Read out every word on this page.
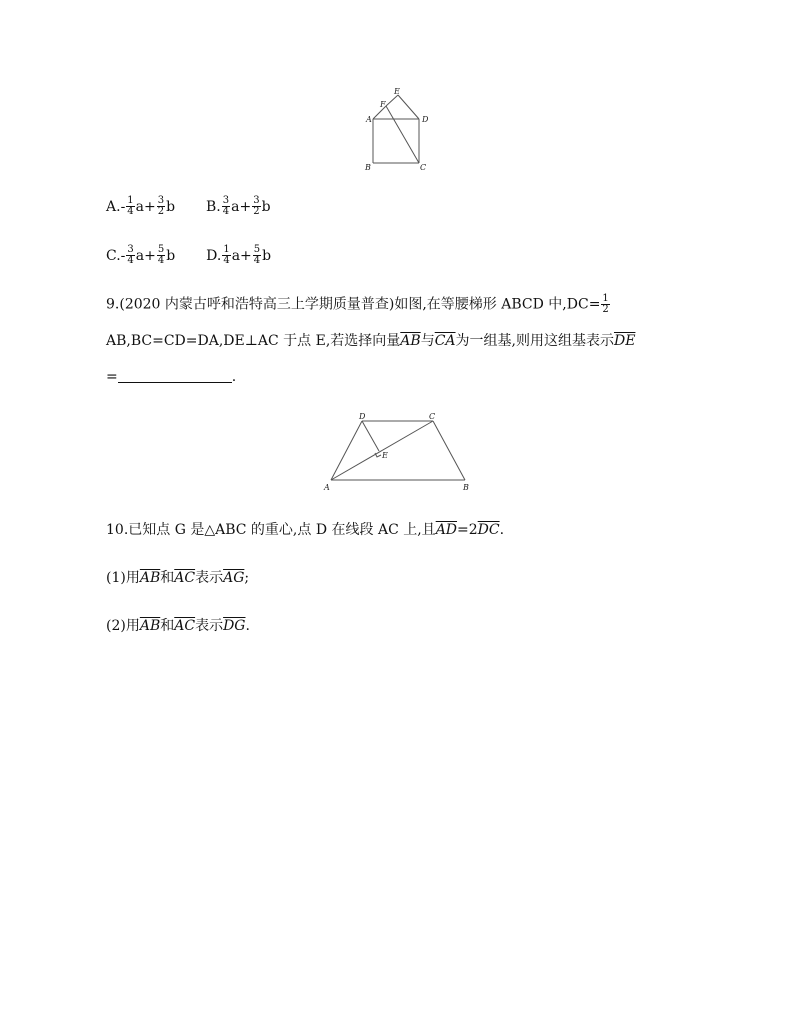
E
F
A	D
B	C
$A.- \frac{1}{4} a+ \frac{3}{2}$ b B. $\frac{3}{4} a+ \frac{3}{2}$ b
$C.- \frac{3}{4} a+ \frac{5}{4}$ b D. $\frac{1}{4} a+ \frac{5}{4}$ b
9.(2020 内蒙古呼和浩特高三上学期质量普查)如图,在等腰梯形 ABCD 中$,DC= \frac{1}{2}$
AB,BC=CD=DA,DE⊥AC 于点 E,若选择向量$\overline{AB}$与$\overline{CA}$为一组基,则用这组基表示$\overline{DE}$
=	.
D	C
E
A	B
10.已知点 G 是△ABC 的重心,点 D 在线段 AC 上,且$\overline{AD}=2\overline{DC}$.
(1)用$\overline{AB}$和$\overline{AC}$表示$\overline{AG}$;
(2)用$\overline{AB}$和$\overline{AC}$表示$\overline{DG}$.
